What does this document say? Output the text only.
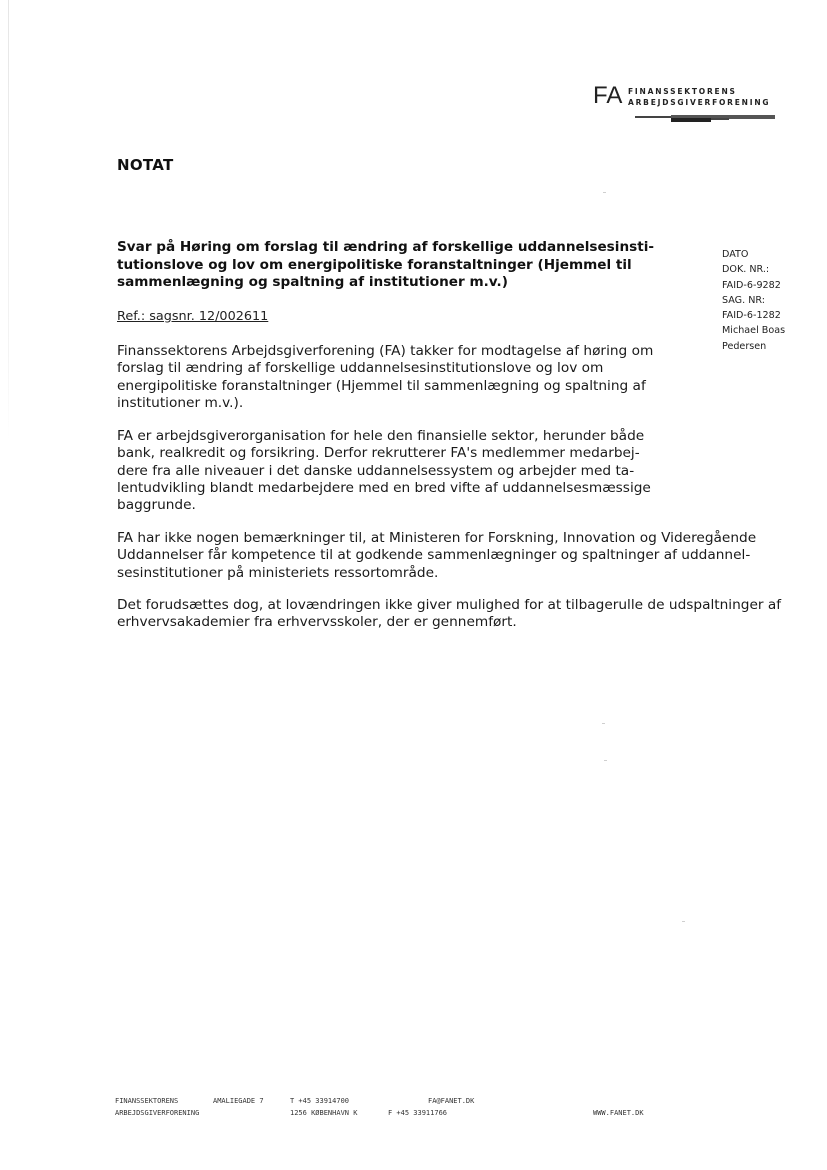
FA FINANSSEKTORENS
ARBEJDSGIVERFORENING
NOTAT
Svar på Høring om forslag til ændring af forskellige uddannelsesinsti-tutionslove og lov om energipolitiske foranstaltninger (Hjemmel til sammenlægning og spaltning af institutioner m.v.)
DATO
DOK. NR.:
FAID-6-9282
SAG. NR:
FAID-6-1282
Michael Boas
Pedersen
Ref.: sagsnr. 12/002611

Finanssektorens Arbejdsgiverforening (FA) takker for modtagelse af høring om forslag til ændring af forskellige uddannelsesinstitutionslove og lov om energipolitiske foranstaltninger (Hjemmel til sammenlægning og spaltning af institutioner m.v.).

FA er arbejdsgiverorganisation for hele den finansielle sektor, herunder både bank, realkredit og forsikring. Derfor rekrutterer FA's medlemmer medarbej-dere fra alle niveauer i det danske uddannelsessystem og arbejder med ta-lentudvikling blandt medarbejdere med en bred vifte af uddannelsesmæssige baggrunde.

FA har ikke nogen bemærkninger til, at Ministeren for Forskning, Innovation og Videregående Uddannelser får kompetence til at godkende sammenlægninger og spaltninger af uddannel-sesinstitutioner på ministeriets ressortområde.

Det forudsættes dog, at lovændringen ikke giver mulighed for at tilbagerulle de udspaltninger af erhvervsakademier fra erhvervsskoler, der er gennemført.

FINANSSEKTORENS
ARBEJDSGIVERFORENING
AMALIEGADE 7	T +45 33914700
1256 KØBENHAVN K	F +45 33911766
FA@FANET.DK
WWW.FANET.DK
